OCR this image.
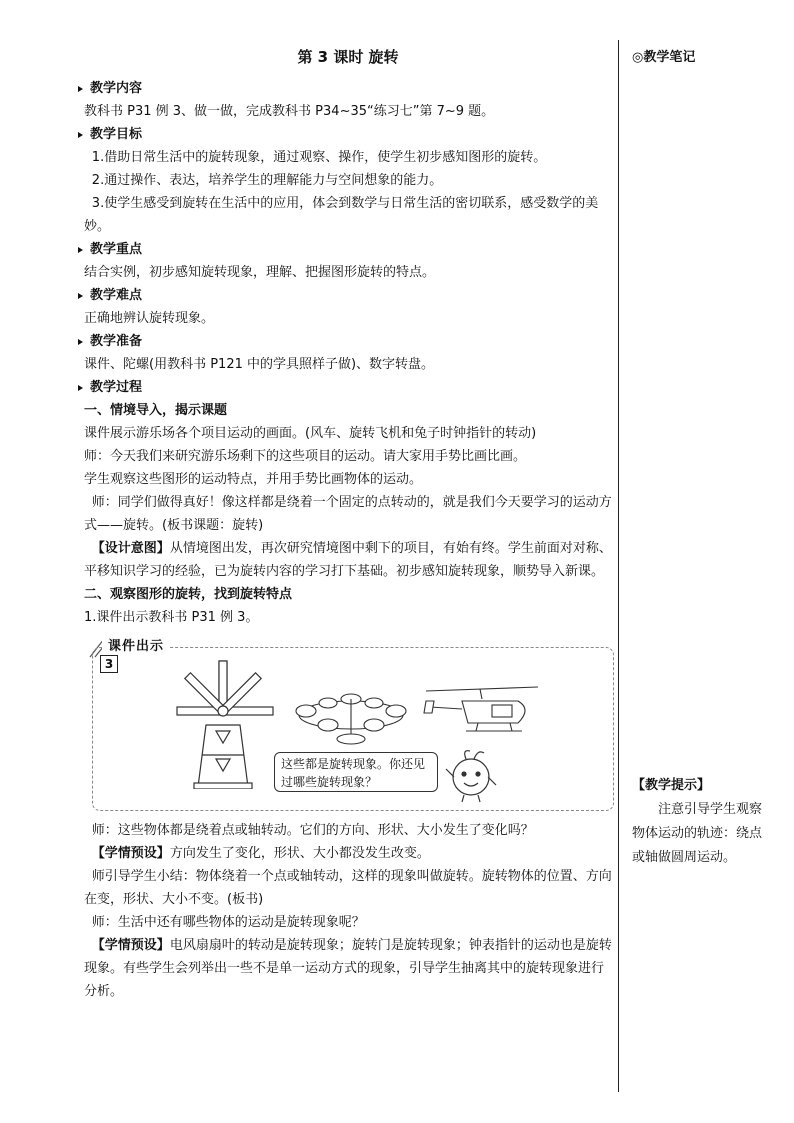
◎教学笔记
【教学提示】
注意引导学生观察物体运动的轨迹：绕点或轴做圆周运动。
第 3 课时 旋转
教学内容
教科书 P31 例 3、做一做，完成教科书 P34~35“练习七”第 7~9 题。
教学目标
1.借助日常生活中的旋转现象，通过观察、操作，使学生初步感知图形的旋转。
2.通过操作、表达，培养学生的理解能力与空间想象的能力。
3.使学生感受到旋转在生活中的应用，体会到数学与日常生活的密切联系，感受数学的美妙。
教学重点
结合实例，初步感知旋转现象，理解、把握图形旋转的特点。
教学难点
正确地辨认旋转现象。
教学准备
课件、陀螺(用教科书 P121 中的学具照样子做)、数字转盘。
教学过程
一、情境导入，揭示课题
课件展示游乐场各个项目运动的画面。(风车、旋转飞机和兔子时钟指针的转动)
师：今天我们来研究游乐场剩下的这些项目的运动。请大家用手势比画比画。
学生观察这些图形的运动特点，并用手势比画物体的运动。
师：同学们做得真好！像这样都是绕着一个固定的点转动的，就是我们今天要学习的运动方式——旋转。(板书课题：旋转)
【设计意图】从情境图出发，再次研究情境图中剩下的项目，有始有终。学生前面对对称、平移知识学习的经验，已为旋转内容的学习打下基础。初步感知旋转现象，顺势导入新课。
二、观察图形的旋转，找到旋转特点
1.课件出示教科书 P31 例 3。
课件出示
3
这些都是旋转现象。你还见过哪些旋转现象？
师：这些物体都是绕着点或轴转动。它们的方向、形状、大小发生了变化吗？
【学情预设】方向发生了变化，形状、大小都没发生改变。
师引导学生小结：物体绕着一个点或轴转动，这样的现象叫做旋转。旋转物体的位置、方向在变，形状、大小不变。(板书)
师：生活中还有哪些物体的运动是旋转现象呢？
【学情预设】电风扇扇叶的转动是旋转现象；旋转门是旋转现象；钟表指针的运动也是旋转现象。有些学生会列举出一些不是单一运动方式的现象，引导学生抽离其中的旋转现象进行分析。
